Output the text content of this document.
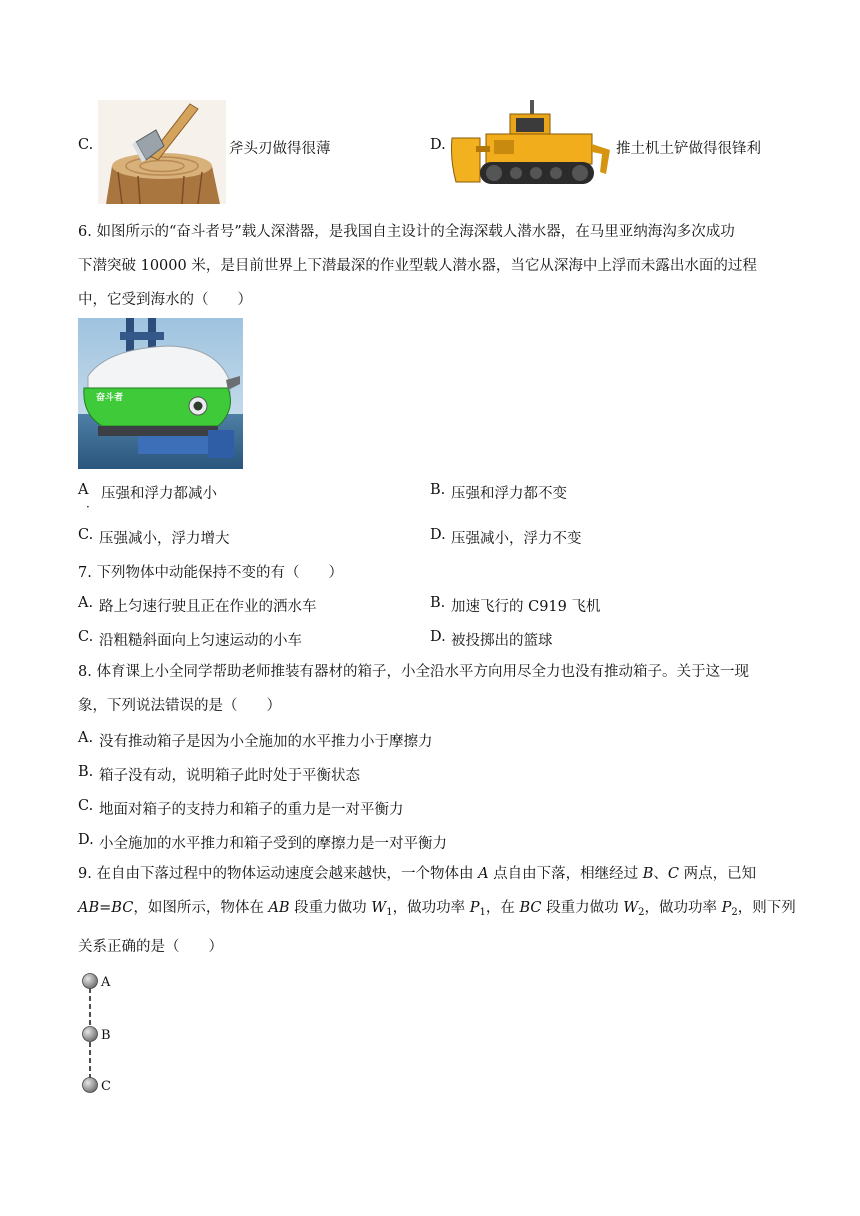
C.	斧头刃做得很薄	D.	推土机土铲做得很锋利
6. 如图所示的“奋斗者号”载人深潜器，是我国自主设计的全海深载人潜水器，在马里亚纳海沟多次成功
下潜突破 10000 米，是目前世界上下潜最深的作业型载人潜水器，当它从深海中上浮而未露出水面的过程
中，它受到海水的（　　）
奋斗者
A
·
压强和浮力都减小	B. 压强和浮力都不变
C. 压强减小，浮力增大	D. 压强减小，浮力不变
7. 下列物体中动能保持不变的有（　　）
A. 路上匀速行驶且正在作业的洒水车	B. 加速飞行的 C919 飞机
C. 沿粗糙斜面向上匀速运动的小车	D. 被投掷出的篮球
8. 体育课上小全同学帮助老师推装有器材的箱子，小全沿水平方向用尽全力也没有推动箱子。关于这一现
象，下列说法错误的是（　　）
A. 没有推动箱子是因为小全施加的水平推力小于摩擦力
B. 箱子没有动，说明箱子此时处于平衡状态
C. 地面对箱子的支持力和箱子的重力是一对平衡力
D. 小全施加的水平推力和箱子受到的摩擦力是一对平衡力
9. 在自由下落过程中的物体运动速度会越来越快，一个物体由 A 点自由下落，相继经过 B、C 两点，已知
AB=BC，如图所示，物体在 AB 段重力做功 $W_1$，做功功率 $P_1$，在 BC 段重力做功 $W_2$，做功功率 $P_2$，则下列
关系正确的是（　　）
A
B
C
